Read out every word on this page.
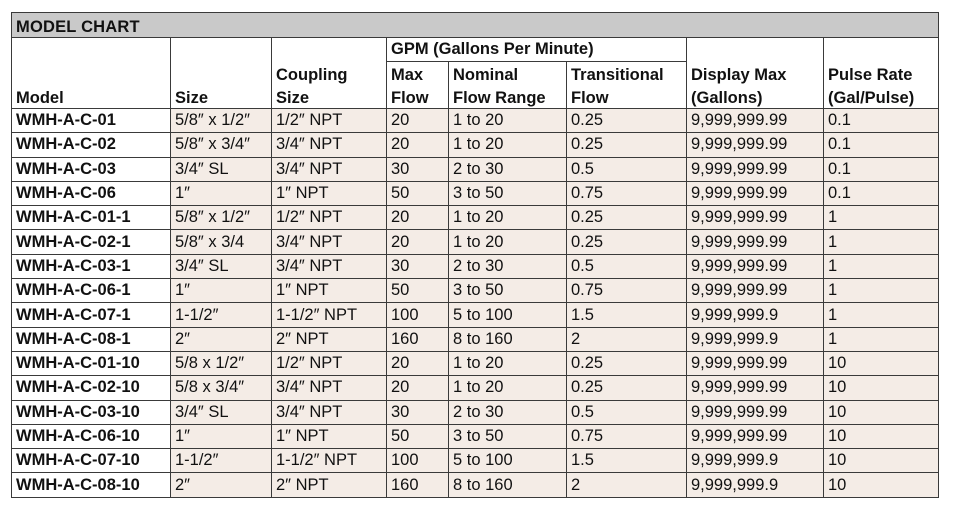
MODEL CHART							
			GPM (Gallons Per Minute)				
		Coupling	Max	Nominal	Transitional	Display Max	Pulse Rate
Model	Size	Size	Flow	Flow Range	Flow	(Gallons)	(Gal/Pulse)
WMH-A-C-01	5/8″ x 1/2″	1/2″ NPT	20	1 to 20	0.25	9,999,999.99	0.1
WMH-A-C-02	5/8″ x 3/4″	3/4″ NPT	20	1 to 20	0.25	9,999,999.99	0.1
WMH-A-C-03	3/4″ SL	3/4″ NPT	30	2 to 30	0.5	9,999,999.99	0.1
WMH-A-C-06	1″	1″ NPT	50	3 to 50	0.75	9,999,999.99	0.1
WMH-A-C-01-1	5/8″ x 1/2″	1/2″ NPT	20	1 to 20	0.25	9,999,999.99	1
WMH-A-C-02-1	5/8″ x 3/4	3/4″ NPT	20	1 to 20	0.25	9,999,999.99	1
WMH-A-C-03-1	3/4″ SL	3/4″ NPT	30	2 to 30	0.5	9,999,999.99	1
WMH-A-C-06-1	1″	1″ NPT	50	3 to 50	0.75	9,999,999.99	1
WMH-A-C-07-1	1-1/2″	1-1/2″ NPT	100	5 to 100	1.5	9,999,999.9	1
WMH-A-C-08-1	2″	2″ NPT	160	8 to 160	2	9,999,999.9	1
WMH-A-C-01-10	5/8 x 1/2″	1/2″ NPT	20	1 to 20	0.25	9,999,999.99	10
WMH-A-C-02-10	5/8 x 3/4″	3/4″ NPT	20	1 to 20	0.25	9,999,999.99	10
WMH-A-C-03-10	3/4″ SL	3/4″ NPT	30	2 to 30	0.5	9,999,999.99	10
WMH-A-C-06-10	1″	1″ NPT	50	3 to 50	0.75	9,999,999.99	10
WMH-A-C-07-10	1-1/2″	1-1/2″ NPT	100	5 to 100	1.5	9,999,999.9	10
WMH-A-C-08-10	2″	2″ NPT	160	8 to 160	2	9,999,999.9	10
